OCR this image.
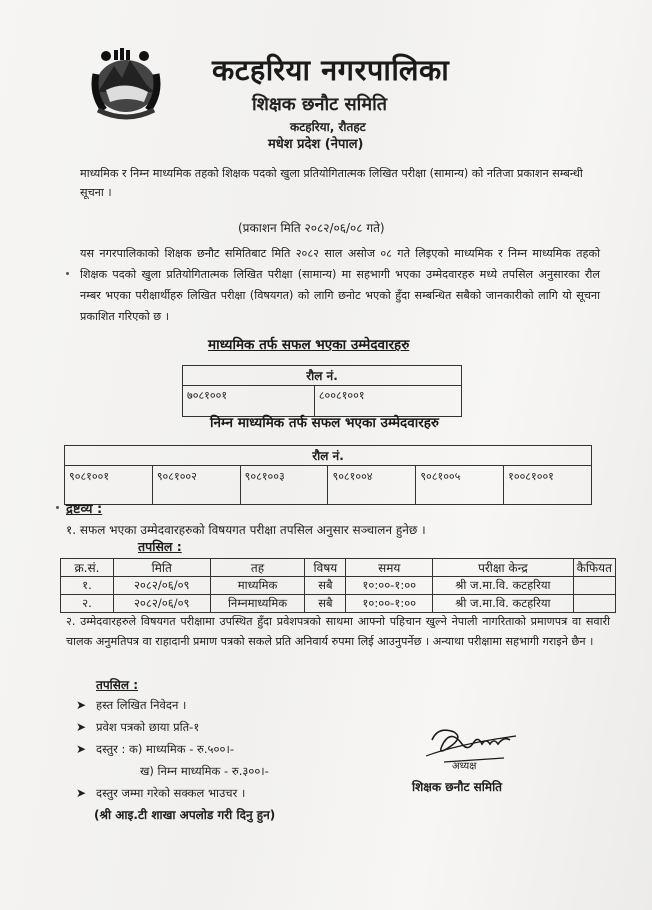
कटहरिया नगरपालिका
शिक्षक छनौट समिति
कटहरिया, रौतहट
मधेश प्रदेश (नेपाल)
माध्यमिक र निम्न माध्यमिक तहको शिक्षक पदको खुला प्रतियोगितात्मक लिखित परीक्षा (सामान्य) को नतिजा प्रकाशन सम्बन्धी सूचना ।
(प्रकाशन मिति २०८२/०६/०८ गते)
यस नगरपालिकाको शिक्षक छनौट समितिबाट मिति २०८२ साल असोज ०८ गते लिइएको माध्यमिक र निम्न माध्यमिक तहको शिक्षक पदको खुला प्रतियोगितात्मक लिखित परीक्षा (सामान्य) मा सहभागी भएका उम्मेदवारहरु मध्ये तपसिल अनुसारका रौल नम्बर भएका परीक्षार्थीहरु लिखित परीक्षा (विषयगत) को लागि छनोट भएको हुँदा सम्बन्धित सबैको जानकारीको लागि यो सूचना प्रकाशित गरिएको छ ।
माध्यमिक तर्फ सफल भएका उम्मेदवारहरु
रौल नं.
७०८१००१	८००८१००१
निम्न माध्यमिक तर्फ सफल भएका उम्मेदवारहरु
रौल नं.
९०८१००१	९०८१००२	९०८१००३	९०८१००४	९०८१००५	१००८१००१
द्रष्टव्य :
१. सफल भएका उम्मेदवारहरुको विषयगत परीक्षा तपसिल अनुसार सञ्चालन हुनेछ ।
तपसिल :
क्र.सं.	मिति	तह	विषय	समय	परीक्षा केन्द्र	कैफियत
१.	२०८२/०६/०९	माध्यमिक	सबै	१०:००-१:००	श्री ज.मा.वि. कटहरिया	
२.	२०८२/०६/०९	निम्नमाध्यमिक	सबै	१०:००-१:००	श्री ज.मा.वि. कटहरिया	
२. उम्मेदवारहरुले विषयगत परीक्षामा उपस्थित हुँदा प्रवेशपत्रको साथमा आफ्नो पहिचान खुल्ने नेपाली नागरिताको प्रमाणपत्र वा सवारी चालक अनुमतिपत्र वा राहादानी प्रमाण पत्रको सकले प्रति अनिवार्य रुपमा लिई आउनुपर्नेछ । अन्याथा परीक्षामा सहभागी गराइने छैन ।
तपसिल :
➤ हस्त लिखित निवेदन ।
➤ प्रवेश पत्रको छाया प्रति-१
➤ दस्तुर : क) माध्यमिक - रु.५००।-
ख) निम्न माध्यमिक - रु.३००।-
➤ दस्तुर जम्मा गरेको सक्कल भाउचर ।
(श्री आइ.टी शाखा अपलोड गरी दिनु हुन)
अध्यक्ष
शिक्षक छनौट समिति
